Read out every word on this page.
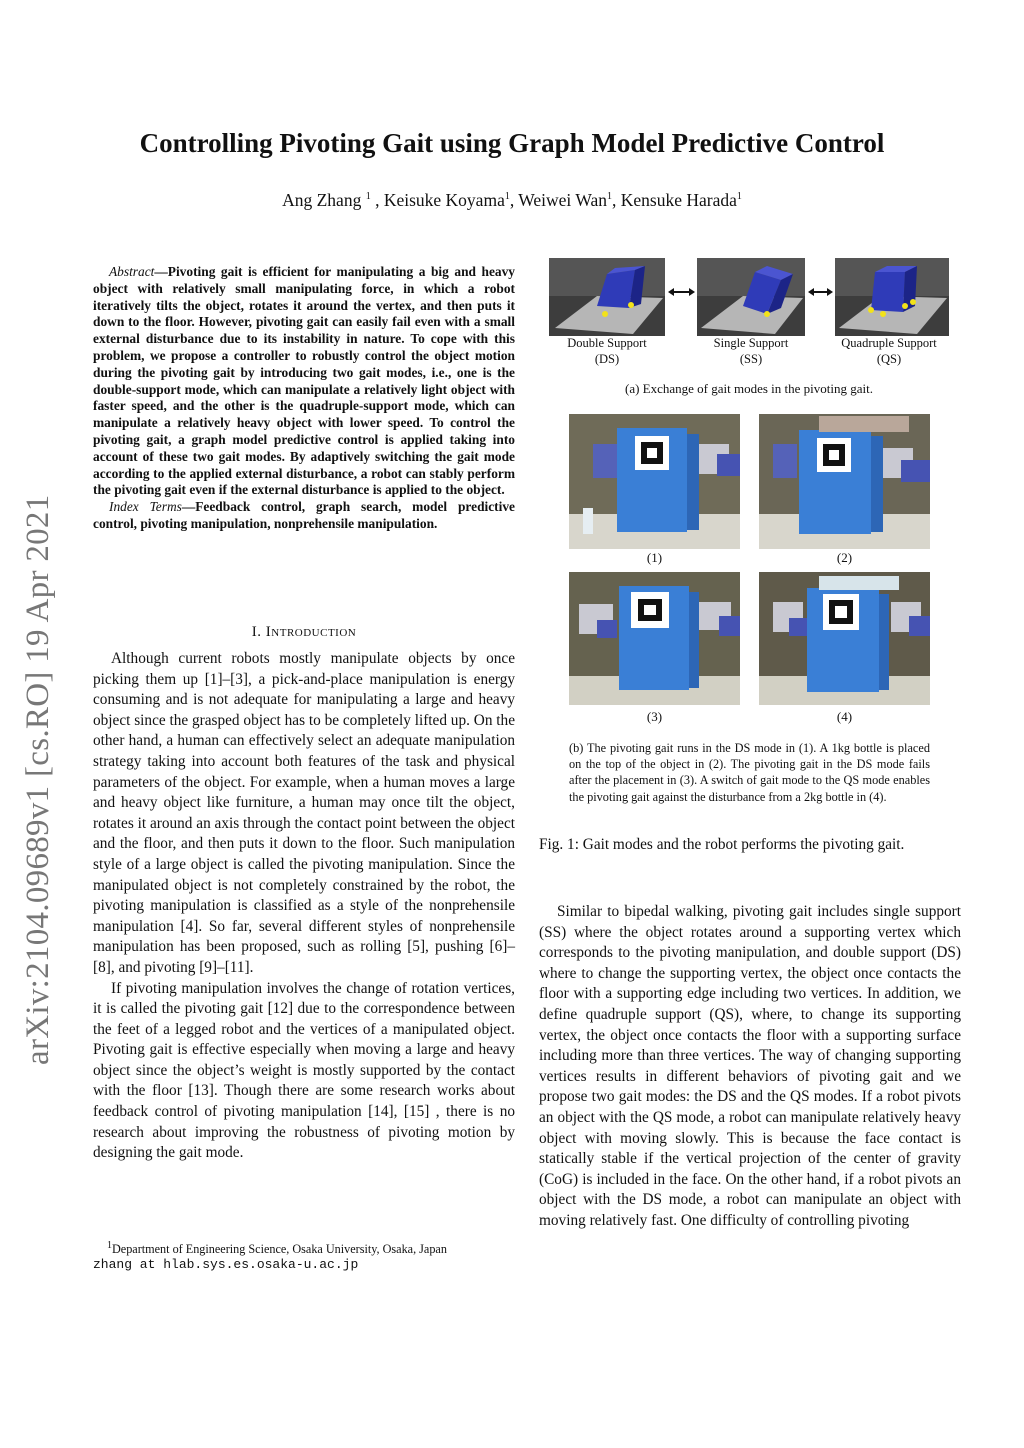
arXiv:2104.09689v1 [cs.RO] 19 Apr 2021
Controlling Pivoting Gait using Graph Model Predictive Control
Ang Zhang $^1$ , Keisuke Koyama$^1$, Weiwei Wan$^1$, Kensuke Harada$^1$

Abstract—Pivoting gait is efficient for manipulating a big and heavy object with relatively small manipulating force, in which a robot iteratively tilts the object, rotates it around the vertex, and then puts it down to the floor. However, pivoting gait can easily fail even with a small external disturbance due to its instability in nature. To cope with this problem, we propose a controller to robustly control the object motion during the pivoting gait by introducing two gait modes, i.e., one is the double-support mode, which can manipulate a relatively light object with faster speed, and the other is the quadruple-support mode, which can manipulate a relatively heavy object with lower speed. To control the pivoting gait, a graph model predictive control is applied taking into account of these two gait modes. By adaptively switching the gait mode according to the applied external disturbance, a robot can stably perform the pivoting gait even if the external disturbance is applied to the object.

Index Terms—Feedback control, graph search, model predictive control, pivoting manipulation, nonprehensile manipulation.

I. Introduction

Although current robots mostly manipulate objects by once picking them up [1]–[3], a pick-and-place manipulation is energy consuming and is not adequate for manipulating a large and heavy object since the grasped object has to be completely lifted up. On the other hand, a human can effectively select an adequate manipulation strategy taking into account both features of the task and physical parameters of the object. For example, when a human moves a large and heavy object like furniture, a human may once tilt the object, rotates it around an axis through the contact point between the object and the floor, and then puts it down to the floor. Such manipulation style of a large object is called the pivoting manipulation. Since the manipulated object is not completely constrained by the robot, the pivoting manipulation is classified as a style of the nonprehensile manipulation [4]. So far, several different styles of nonprehensile manipulation has been proposed, such as rolling [5], pushing [6]–[8], and pivoting [9]–[11].

If pivoting manipulation involves the change of rotation vertices, it is called the pivoting gait [12] due to the correspondence between the feet of a legged robot and the vertices of a manipulated object. Pivoting gait is effective especially when moving a large and heavy object since the object’s weight is mostly supported by the contact with the floor [13]. Though there are some research works about feedback control of pivoting manipulation [14], [15] , there is no research about improving the robustness of pivoting motion by designing the gait mode.

$^1$Department of Engineering Science, Osaka University, Osaka, Japan
zhang at hlab.sys.es.osaka-u.ac.jp
Double Support
(DS)
Single Support
(SS)
Quadruple Support
(QS)
(a) Exchange of gait modes in the pivoting gait.
(1)	(2)
(3)	(4)
(b) The pivoting gait runs in the DS mode in (1). A 1kg bottle is placed on the top of the object in (2). The pivoting gait in the DS mode fails after the placement in (3). A switch of gait mode to the QS mode enables the pivoting gait against the disturbance from a 2kg bottle in (4).
Fig. 1: Gait modes and the robot performs the pivoting gait.

Similar to bipedal walking, pivoting gait includes single support (SS) where the object rotates around a supporting vertex which corresponds to the pivoting manipulation, and double support (DS) where to change the supporting vertex, the object once contacts the floor with a supporting edge including two vertices. In addition, we define quadruple support (QS), where, to change its supporting vertex, the object once contacts the floor with a supporting surface including more than three vertices. The way of changing supporting vertices results in different behaviors of pivoting gait and we propose two gait modes: the DS and the QS modes. If a robot pivots an object with the QS mode, a robot can manipulate relatively heavy object with moving slowly. This is because the face contact is statically stable if the vertical projection of the center of gravity (CoG) is included in the face. On the other hand, if a robot pivots an object with the DS mode, a robot can manipulate an object with moving relatively fast. One difficulty of controlling pivoting
